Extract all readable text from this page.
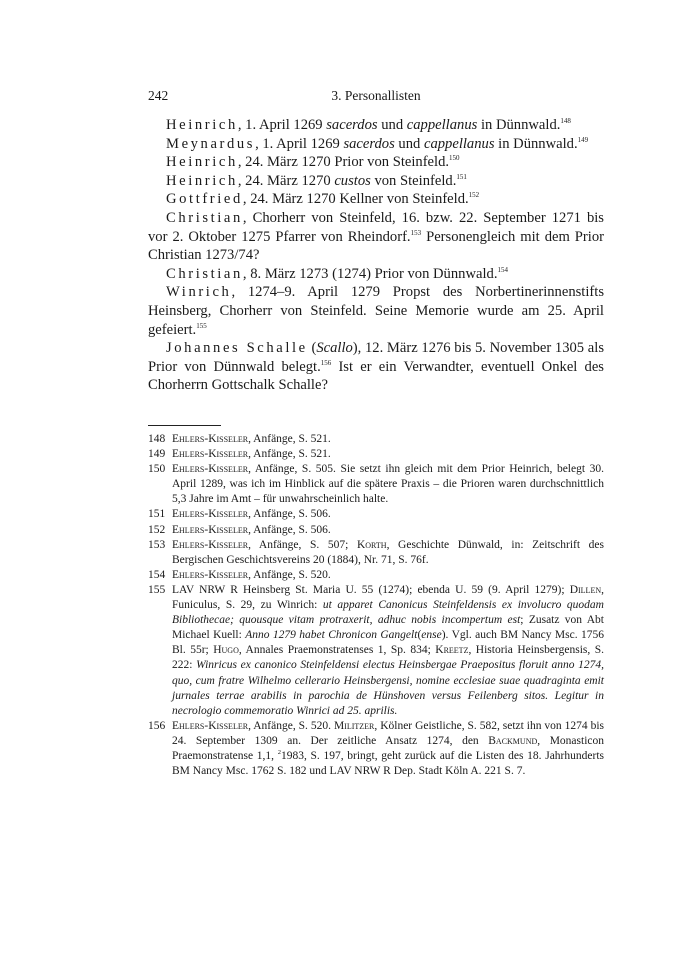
242	3. Personallisten

Heinrich, 1. April 1269 sacerdos und cappellanus in Dünnwald.$^{148}$

Meynardus, 1. April 1269 sacerdos und cappellanus in Dünnwald.$^{149}$

Heinrich, 24. März 1270 Prior von Steinfeld.$^{150}$

Heinrich, 24. März 1270 custos von Steinfeld.$^{151}$

Gottfried, 24. März 1270 Kellner von Steinfeld.$^{152}$

Christian, Chorherr von Steinfeld, 16. bzw. 22. September 1271 bis vor 2. Oktober 1275 Pfarrer von Rheindorf.$^{153}$ Personengleich mit dem Prior Christian 1273/74?

Christian, 8. März 1273 (1274) Prior von Dünnwald.$^{154}$

Winrich, 1274–9. April 1279 Propst des Norbertinerinnenstifts Heinsberg, Chorherr von Steinfeld. Seine Memorie wurde am 25. April gefeiert.$^{155}$

Johannes Schalle (Scallo), 12. März 1276 bis 5. November 1305 als Prior von Dünnwald belegt.$^{156}$ Ist er ein Verwandter, eventuell Onkel des Chorherrn Gottschalk Schalle?

148 Ehlers-Kisseler, Anfänge, S. 521.
149 Ehlers-Kisseler, Anfänge, S. 521.
150 Ehlers-Kisseler, Anfänge, S. 505. Sie setzt ihn gleich mit dem Prior Heinrich, belegt 30. April 1289, was ich im Hinblick auf die spätere Praxis – die Prioren waren durchschnittlich 5,3 Jahre im Amt – für unwahrscheinlich halte.
151 Ehlers-Kisseler, Anfänge, S. 506.
152 Ehlers-Kisseler, Anfänge, S. 506.
153 Ehlers-Kisseler, Anfänge, S. 507; Korth, Geschichte Dünwald, in: Zeitschrift des Bergischen Geschichtsvereins 20 (1884), Nr. 71, S. 76f.
154 Ehlers-Kisseler, Anfänge, S. 520.
155 LAV NRW R Heinsberg St. Maria U. 55 (1274); ebenda U. 59 (9. April 1279); Dillen, Funiculus, S. 29, zu Winrich: ut apparet Canonicus Steinfeldensis ex involucro quodam Bibliothecae; quousque vitam protraxerit, adhuc nobis incompertum est; Zusatz von Abt Michael Kuell: Anno 1279 habet Chronicon Gangelt(ense). Vgl. auch BM Nancy Msc. 1756 Bl. 55r; Hugo, Annales Praemonstratenses 1, Sp. 834; Kreetz, Historia Heinsbergensis, S. 222: Winricus ex canonico Steinfeldensi electus Heinsbergae Praepositus floruit anno 1274, quo, cum fratre Wilhelmo cellerario Heinsbergensi, nomine ecclesiae suae quadraginta emit jurnales terrae arabilis in parochia de Hünshoven versus Feilenberg sitos. Legitur in necrologio commemoratio Winrici ad 25. aprilis.
156 Ehlers-Kisseler, Anfänge, S. 520. Militzer, Kölner Geistliche, S. 582, setzt ihn von 1274 bis 24. September 1309 an. Der zeitliche Ansatz 1274, den Backmund, Monasticon Praemonstratense 1,1, $^2$1983, S. 197, bringt, geht zurück auf die Listen des 18. Jahrhunderts BM Nancy Msc. 1762 S. 182 und LAV NRW R Dep. Stadt Köln A. 221 S. 7.
